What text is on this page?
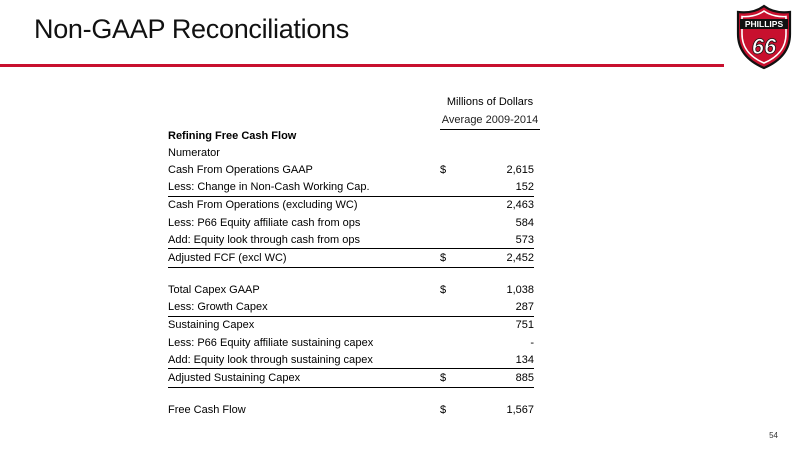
Non-GAAP Reconciliations	PHILLIPS
66
Millions of Dollars
Average 2009-2014
Refining Free Cash Flow		
Numerator		
Cash From Operations GAAP	$	2,615
Less: Change in Non-Cash Working Cap.		152
Cash From Operations (excluding WC)		2,463
Less: P66 Equity affiliate cash from ops		584
Add: Equity look through cash from ops		573
Adjusted FCF (excl WC)	$	2,452

Total Capex GAAP	$	1,038
Less: Growth Capex		287
Sustaining Capex		751
Less: P66 Equity affiliate sustaining capex		-
Add: Equity look through sustaining capex		134
Adjusted Sustaining Capex	$	885

Free Cash Flow	$	1,567
54
